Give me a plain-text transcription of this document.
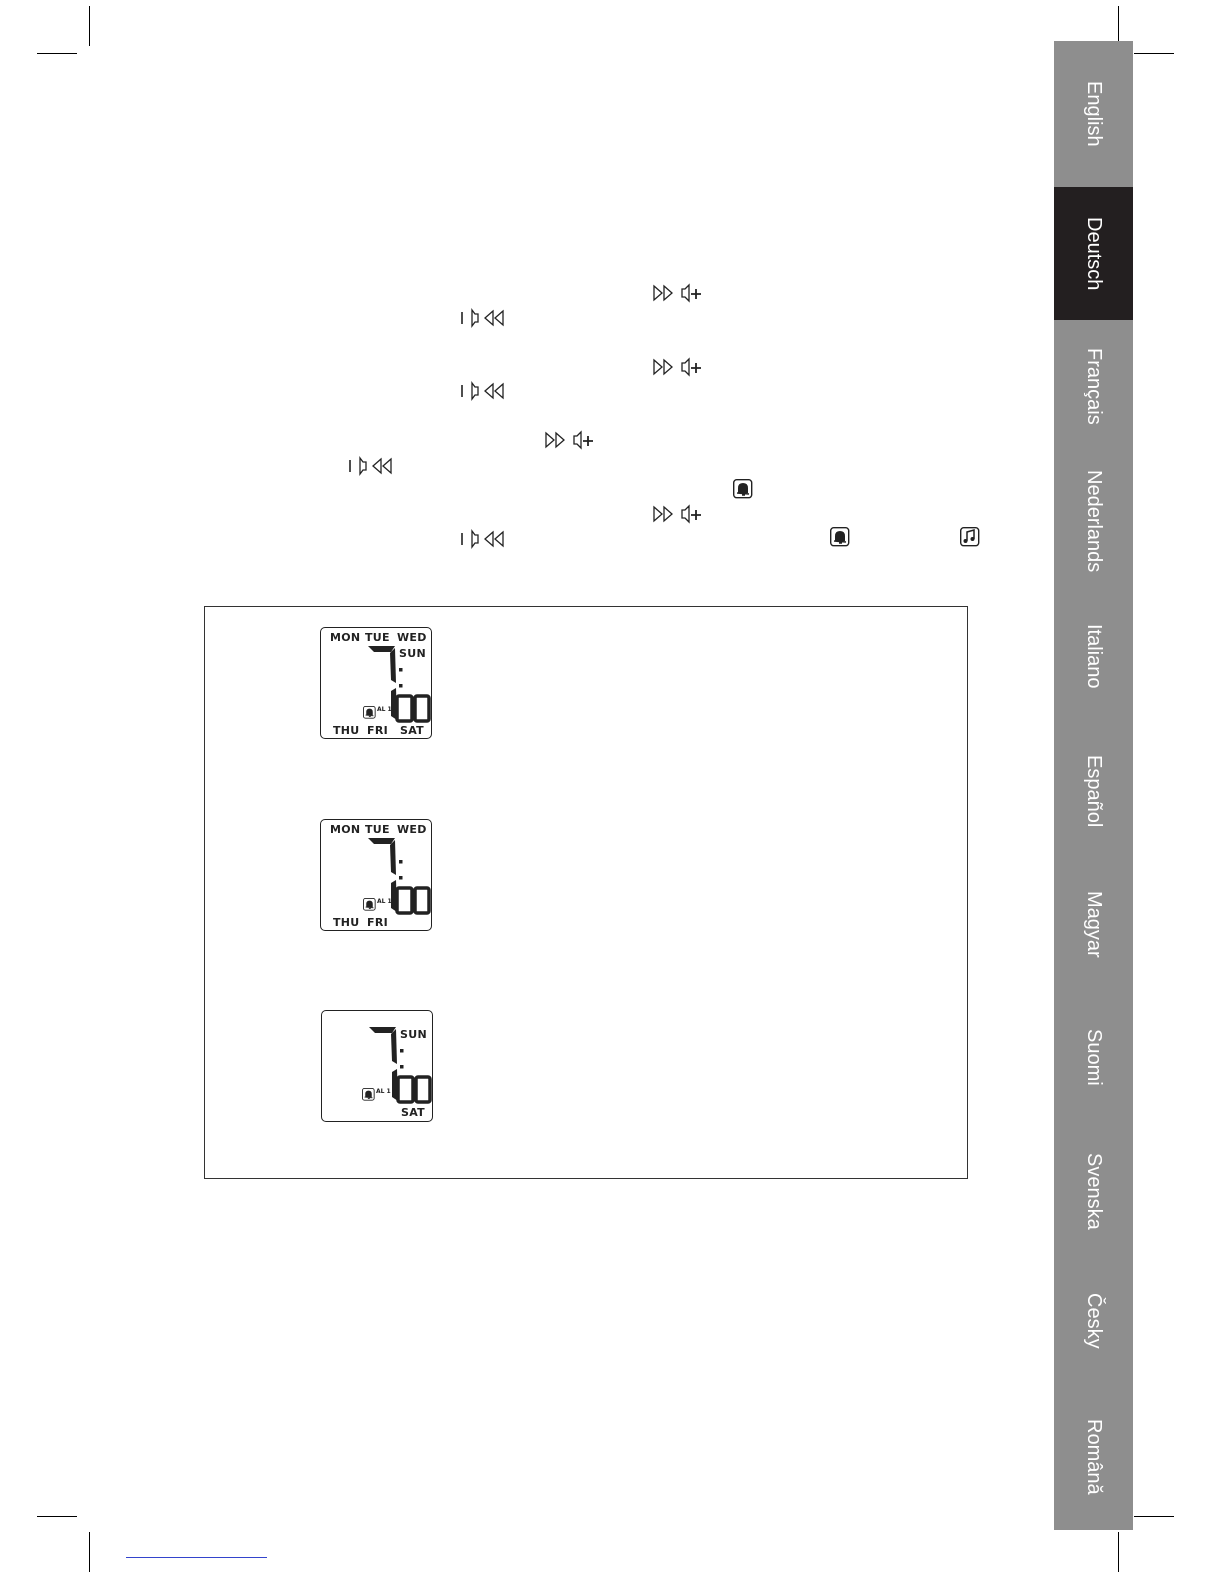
English
Deutsch
Français
Nederlands
Italiano
Español
Magyar
Suomi
Svenska
Česky
Română
MON TUE WED
SUN
AL 1
THU FRI SAT
MON TUE WED
AL 1
THU FRI
SUN
AL 1
SAT
